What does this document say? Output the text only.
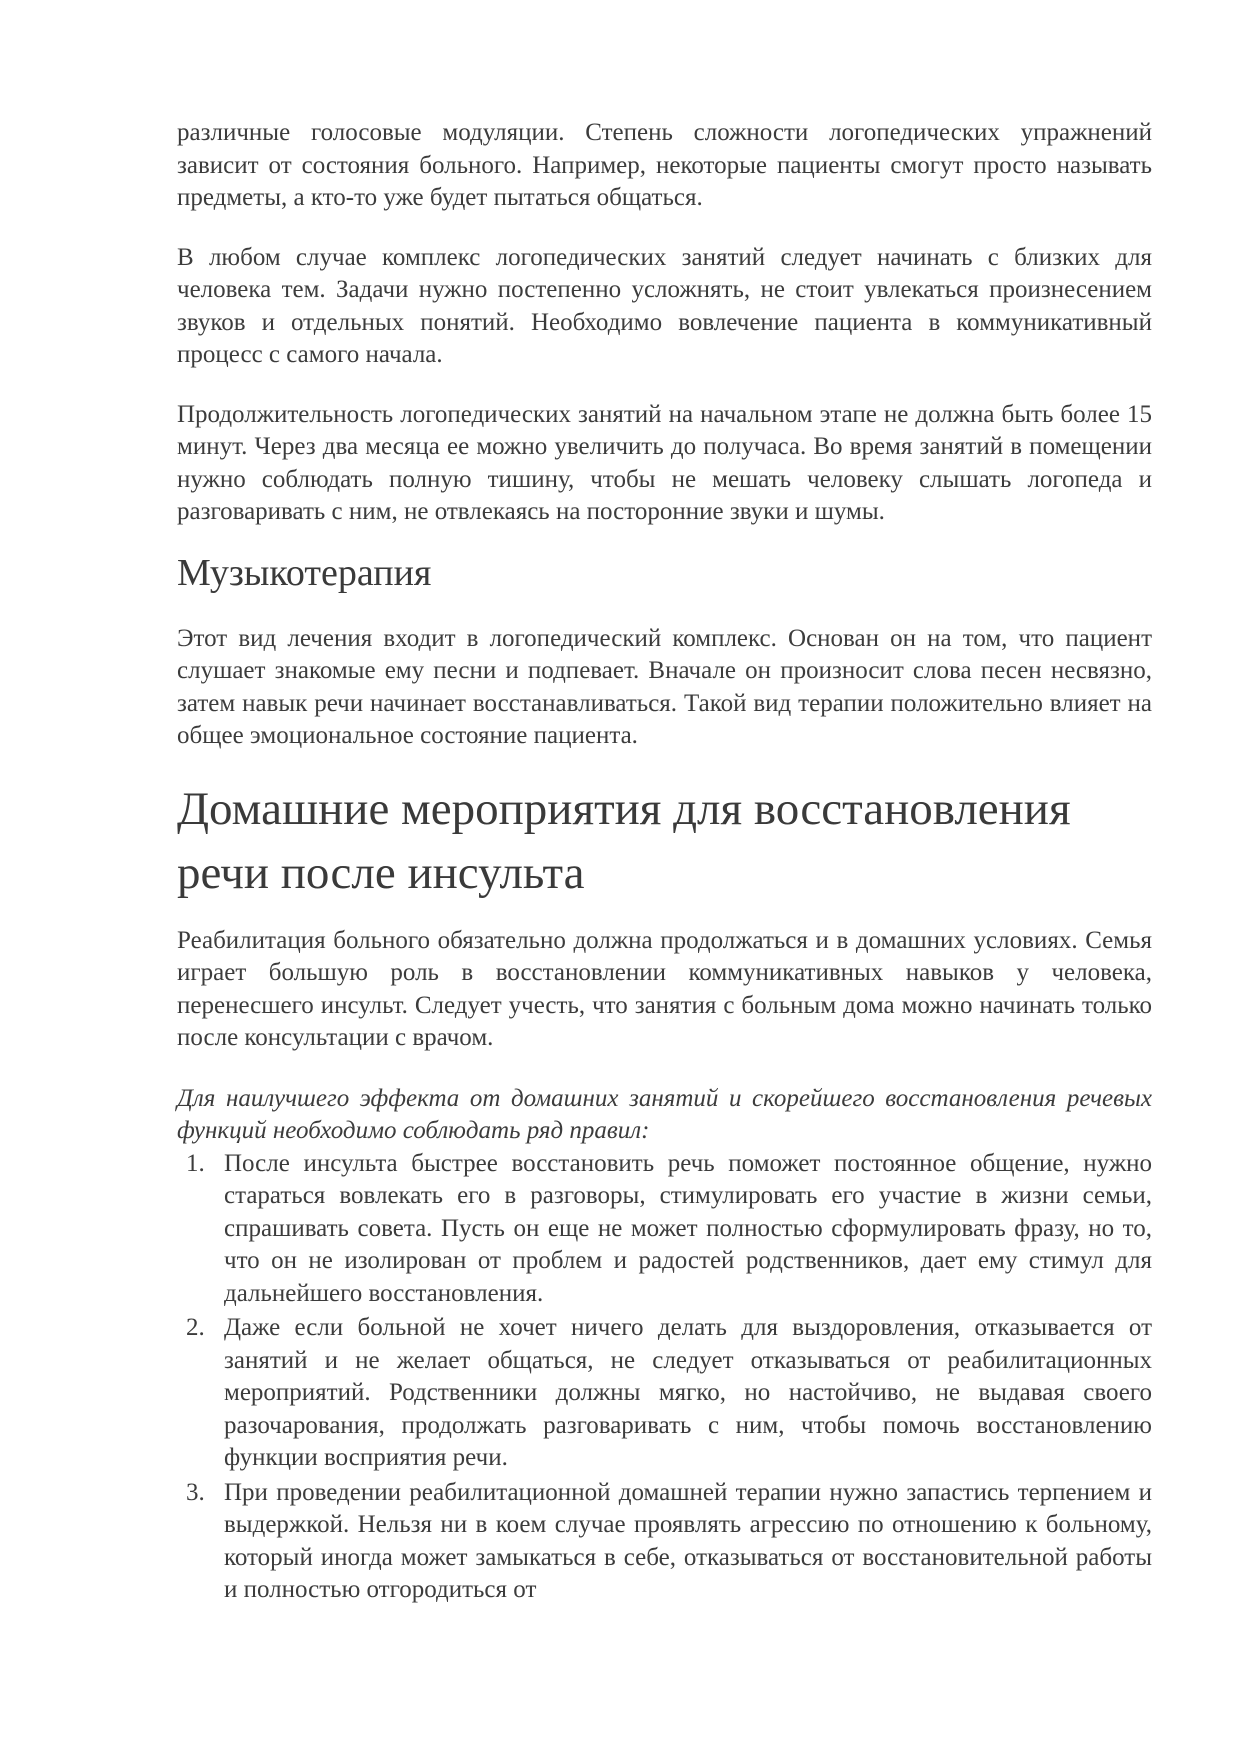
различные голосовые модуляции. Степень сложности логопедических упражнений зависит от состояния больного. Например, некоторые пациенты смогут просто называть предметы, а кто-то уже будет пытаться общаться.

В любом случае комплекс логопедических занятий следует начинать с близких для человека тем. Задачи нужно постепенно усложнять, не стоит увлекаться произнесением звуков и отдельных понятий. Необходимо вовлечение пациента в коммуникативный процесс с самого начала.

Продолжительность логопедических занятий на начальном этапе не должна быть более 15 минут. Через два месяца ее можно увеличить до получаса. Во время занятий в помещении нужно соблюдать полную тишину, чтобы не мешать человеку слышать логопеда и разговаривать с ним, не отвлекаясь на посторонние звуки и шумы.

Музыкотерапия

Этот вид лечения входит в логопедический комплекс. Основан он на том, что пациент слушает знакомые ему песни и подпевает. Вначале он произносит слова песен несвязно, затем навык речи начинает восстанавливаться. Такой вид терапии положительно влияет на общее эмоциональное состояние пациента.

Домашние мероприятия для восстановления
речи после инсульта

Реабилитация больного обязательно должна продолжаться и в домашних условиях. Семья играет большую роль в восстановлении коммуникативных навыков у человека, перенесшего инсульт. Следует учесть, что занятия с больным дома можно начинать только после консультации с врачом.

Для наилучшего эффекта от домашних занятий и скорейшего восстановления речевых функций необходимо соблюдать ряд правил:

1. После инсульта быстрее восстановить речь поможет постоянное общение, нужно стараться вовлекать его в разговоры, стимулировать его участие в жизни семьи, спрашивать совета. Пусть он еще не может полностью сформулировать фразу, но то, что он не изолирован от проблем и радостей родственников, дает ему стимул для дальнейшего восстановления.
2. Даже если больной не хочет ничего делать для выздоровления, отказывается от занятий и не желает общаться, не следует отказываться от реабилитационных мероприятий. Родственники должны мягко, но настойчиво, не выдавая своего разочарования, продолжать разговаривать с ним, чтобы помочь восстановлению функции восприятия речи.
3. При проведении реабилитационной домашней терапии нужно запастись терпением и выдержкой. Нельзя ни в коем случае проявлять агрессию по отношению к больному, который иногда может замыкаться в себе, отказываться от восстановительной работы и полностью отгородиться от
